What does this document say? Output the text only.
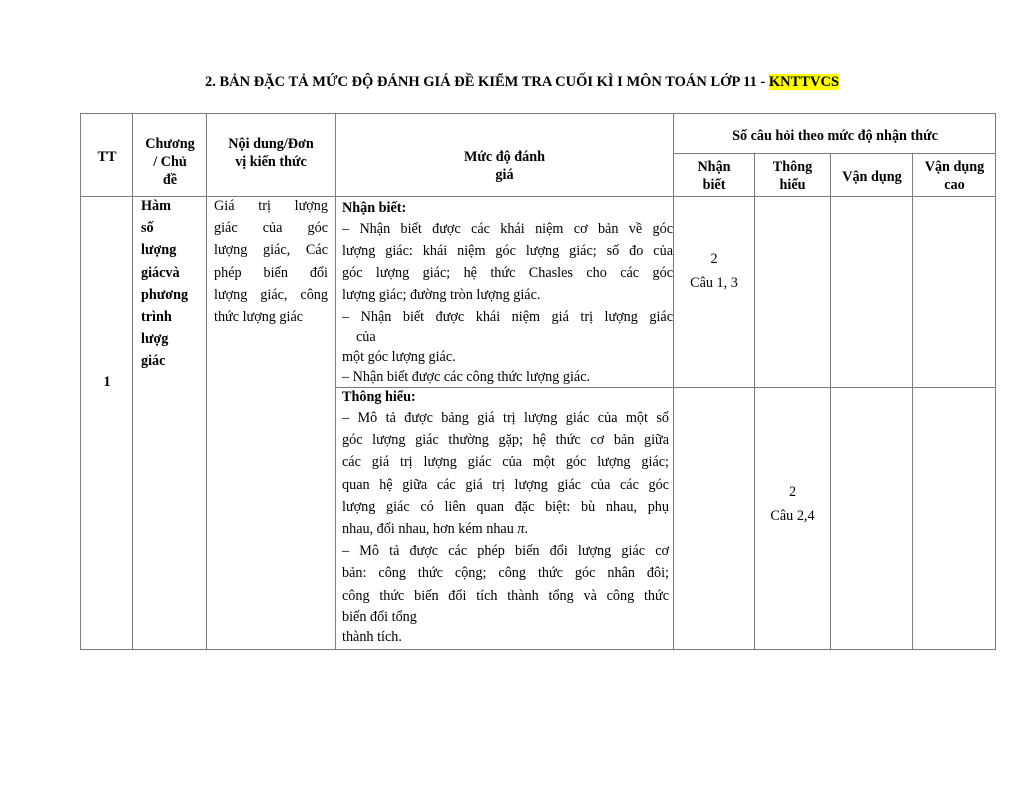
2. BẢN ĐẶC TẢ MỨC ĐỘ ĐÁNH GIÁ ĐỀ KIỂM TRA CUỐI KÌ I MÔN TOÁN LỚP 11 - KNTTVCS
TT
Chương
/ Chủ
đề
Nội dung/Đơn
vị kiến thức	Mức độ đánh
giá
Số câu hỏi theo mức độ nhận thức
Nhận
biết
Thông
hiểu	Vận dụng
Vận dụng
cao
1
Hàm
số
lượng
giácvà
phương
trình
lượg
giác
Giá trị lượng
giác của góc
lượng giác, Các
phép biến đổi
lượng giác, công
thức lượng giác
Nhận biết:
– Nhận biết được các khái niệm cơ bản về góc
lượng giác: khái niệm góc lượng giác; số đo của
góc lượng giác; hệ thức Chasles cho các góc
lượng giác; đường tròn lượng giác.
– Nhận biết được khái niệm giá trị lượng giác
của
một góc lượng giác.
– Nhận biết được các công thức lượng giác.
2
Câu 1, 3
Thông hiểu:
– Mô tả được bảng giá trị lượng giác của một số
góc lượng giác thường gặp; hệ thức cơ bản giữa
các giá trị lượng giác của một góc lượng giác;
quan hệ giữa các giá trị lượng giác của các góc
lượng giác có liên quan đặc biệt: bù nhau, phụ
nhau, đối nhau, hơn kém nhau π.
– Mô tả được các phép biến đổi lượng giác cơ
bản: công thức cộng; công thức góc nhân đôi;
công thức biến đổi tích thành tổng và công thức
biến đổi tổng
thành tích.
2
Câu 2,4
